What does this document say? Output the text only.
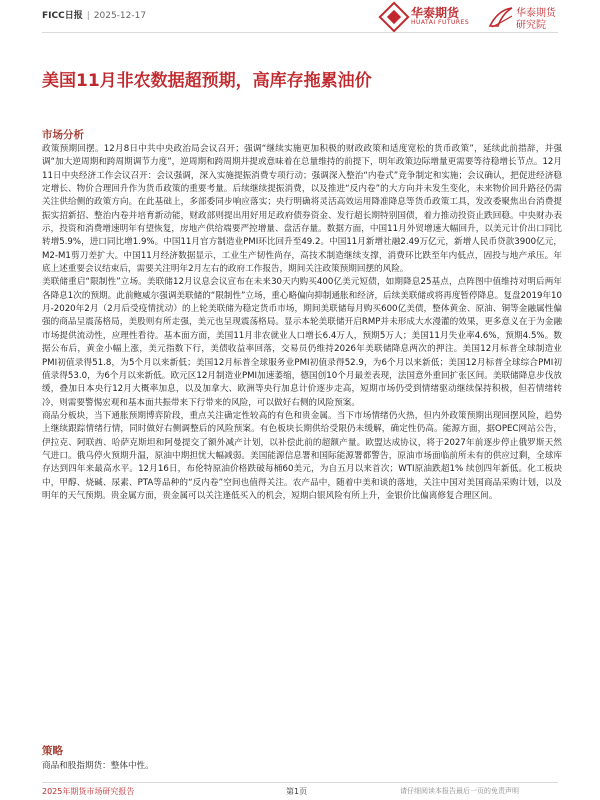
FICC日报 | 2025-12-17	华泰期货
HUATAI FUTURES
华泰期货
研究院
美国11月非农数据超预期，高库存拖累油价
市场分析

政策预期回摆。12月8日中共中央政治局会议召开；强调“继续实施更加积极的财政政策和适度宽松的货币政策”，延续此前措辞，并强调“加大逆周期和跨周期调节力度”，逆周期和跨周期并提或意味着在总量维持的前提下，明年政策边际增量更需要等待稳增长节点。12月11日中央经济工作会议召开：会议强调，深入实施提振消费专项行动；强调深入整治“内卷式”竞争制定和实施；会议确认，把促进经济稳定增长、物价合理回升作为货币政策的重要考量。后续继续提振消费，以及推进“反内卷”的大方向并未发生变化，未来物价回升路径仍需关注供给侧的政策方向。在此基础上，多部委同步响应落实；央行明确将灵活高效运用降准降息等货币政策工具，发改委聚焦出台消费提振实招新招、整治内卷并培育新动能，财政部则提出用好用足政府债券资金、发行超长期特别国债，着力推动投资止跌回稳。中央财办表示，投资和消费增速明年有望恢复，房地产供给端要严控增量、盘活存量。数据方面，中国11月外贸增速大幅回升，以美元计价出口同比转增5.9%，进口同比增1.9%。中国11月官方制造业PMI环比回升至49.2。中国11月新增社融2.49万亿元，新增人民币贷款3900亿元，M2-M1剪刀差扩大。中国11月经济数据显示，工业生产韧性尚存，高技术制造继续支撑，消费环比跌至年内低点，固投与地产承压。年底上述重要会议结束后，需要关注明年2月左右的政府工作报告，期间关注政策预期回摆的风险。

美联储重启“限制性”立场。美联储12月议息会议宣布在未来30天内购买400亿美元短债，如期降息25基点，点阵图中值维持对明后两年各降息1次的预期。此前鲍威尔强调美联储的“限制性”立场，重心略偏向抑制通胀和经济，后续美联储或将再度暂停降息。复盘2019年10月-2020年2月（2月后受疫情扰动）的上轮美联储为稳定货币市场，期间美联储每月购买600亿美债，整体黄金、原油、铜等金融属性偏强的商品呈震荡格局，美股则有所走强，美元也呈现震荡格局。显示本轮美联储开启RMP并未形成大水漫灌的效果，更多意义在于为金融市场提供流动性，应理性看待。基本面方面，美国11月非农就业人口增长6.4万人，预期5万人；美国11月失业率4.6%，预期4.5%。数据公布后，黄金小幅上涨，美元指数下行，美债收益率回落，交易员仍维持2026年美联储降息两次的押注。美国12月标普全球制造业PMI初值录得51.8，为5个月以来新低；美国12月标普全球服务业PMI初值录得52.9，为6个月以来新低；美国12月标普全球综合PMI初值录得53.0，为6个月以来新低。欧元区12月制造业PMI加速萎缩，德国创10个月最差表现，法国意外重回扩张区间。美联储降息步伐放缓，叠加日本央行12月大概率加息，以及加拿大、欧洲等央行加息计价逐步走高，短期市场仍受到情绪驱动继续保持积极，但若情绪转冷，则需要警惕宏观和基本面共振带来下行带来的风险，可以做好右侧的风险预案。

商品分板块，当下通胀预期博弈阶段，重点关注确定性较高的有色和贵金属。当下市场情绪仍火热，但内外政策预期出现回摆风险，趋势上继续跟踪情绪行情，同时做好右侧调整后的风险预案。有色板块长期供给受限仍未缓解，确定性仍高。能源方面，据OPEC网站公告，伊拉克、阿联酋、哈萨克斯坦和阿曼提交了额外减产计划，以补偿此前的超额产量。欧盟达成协议，将于2027年前逐步停止俄罗斯天然气进口。俄乌停火预期升温，原油中期担忧大幅减弱。美国能源信息署和国际能源署都警告，原油市场面临前所未有的供应过剩，全球库存达到四年来最高水平。12月16日，布伦特原油价格跌破每桶60美元，为自五月以来首次；WTI原油跌超1% 续创四年新低。化工板块中，甲醇、烧碱、尿素、PTA等品种的“反内卷”空间也值得关注。农产品中，随着中美和谈的落地，关注中国对美国商品采购计划，以及明年的天气预期。贵金属方面，贵金属可以关注逢低买入的机会，短期白银风险有所上升，金银价比偏离修复合理区间。

策略

商品和股指期货：整体中性。

2025年期货市场研究报告	第1页	请仔细阅读本报告最后一页的免责声明
